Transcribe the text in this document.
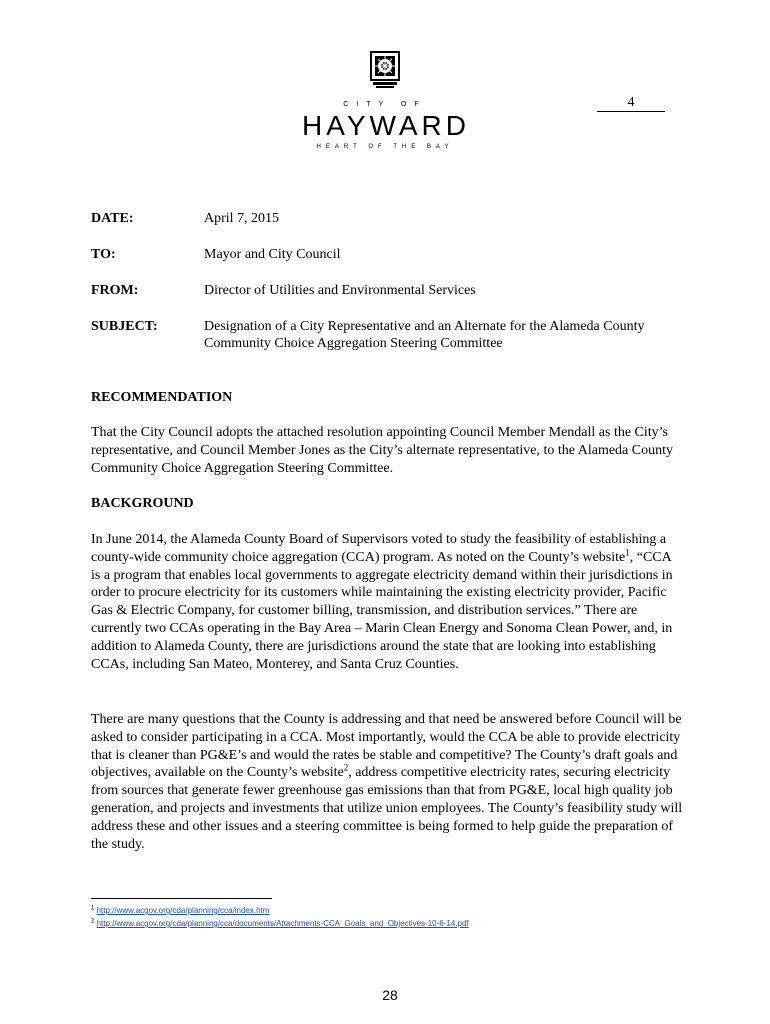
CITY OF
HAYWARD
HEART OF THE BAY
4
DATE:	April 7, 2015
TO:	Mayor and City Council
FROM:	Director of Utilities and Environmental Services
SUBJECT:	Designation of a City Representative and an Alternate for the Alameda County Community Choice Aggregation Steering Committee
RECOMMENDATION

That the City Council adopts the attached resolution appointing Council Member Mendall as the City’s representative, and Council Member Jones as the City’s alternate representative, to the Alameda County Community Choice Aggregation Steering Committee.

BACKGROUND

In June 2014, the Alameda County Board of Supervisors voted to study the feasibility of establishing a county-wide community choice aggregation (CCA) program. As noted on the County’s website$^1$, “CCA is a program that enables local governments to aggregate electricity demand within their jurisdictions in order to procure electricity for its customers while maintaining the existing electricity provider, Pacific Gas & Electric Company, for customer billing, transmission, and distribution services.” There are currently two CCAs operating in the Bay Area – Marin Clean Energy and Sonoma Clean Power, and, in addition to Alameda County, there are jurisdictions around the state that are looking into establishing CCAs, including San Mateo, Monterey, and Santa Cruz Counties.

There are many questions that the County is addressing and that need be answered before Council will be asked to consider participating in a CCA. Most importantly, would the CCA be able to provide electricity that is cleaner than PG&E’s and would the rates be stable and competitive? The County’s draft goals and objectives, available on the County’s website$^2$, address competitive electricity rates, securing electricity from sources that generate fewer greenhouse gas emissions than that from PG&E, local high quality job generation, and projects and investments that utilize union employees. The County’s feasibility study will address these and other issues and a steering committee is being formed to help guide the preparation of the study.

$^1$ http://www.acgov.org/cda/planning/cca/index.htm
$^2$ http://www.acgov.org/cda/planning/cca/documents/Attachments-CCA_Goals_and_Objectives-10-6-14.pdf
28
